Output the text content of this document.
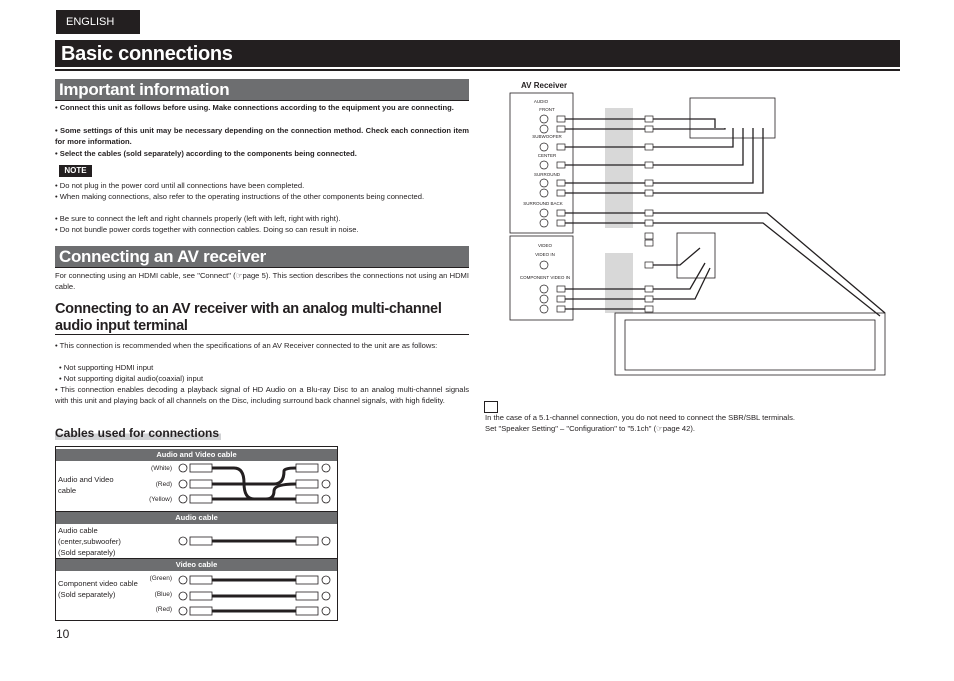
ENGLISH
Basic connections
Important information
• Connect this unit as follows before using. Make connections according to the equipment you are connecting.
• Some settings of this unit may be necessary depending on the connection method. Check each connection item for more information.
• Select the cables (sold separately) according to the components being connected.
NOTE
• Do not plug in the power cord until all connections have been completed.
• When making connections, also refer to the operating instructions of the other components being connected.
• Be sure to connect the left and right channels properly (left with left, right with right).
• Do not bundle power cords together with connection cables. Doing so can result in noise.
Connecting an AV receiver
For connecting using an HDMI cable, see "Connect" (☞page 5). This section describes the connections not using an HDMI cable.
Connecting to an AV receiver with an analog multi-channel audio input terminal
• This connection is recommended when the specifications of an AV Receiver connected to the unit are as follows:
• Not supporting HDMI input
• Not supporting digital audio(coaxial) input
• This connection enables decoding a playback signal of HD Audio on a Blu-ray Disc to an analog multi-channel signals with this unit and playing back of all channels on the Disc, including surround back channel signals, with high fidelity.
Cables used for connections
Audio and Video cable
Audio and Video cable
(White)
(Red)
(Yellow)
Audio cable
Audio cable (center,subwoofer) (Sold separately)
Video cable
Component video cable (Sold separately)
(Green)
(Blue)
(Red)
10
AV Receiver
AUDIO
FRONT
SUBWOOFER
CENTER
SURROUND
SURROUND BACK
VIDEO
VIDEO IN
COMPONENT VIDEO IN
In the case of a 5.1-channel connection, you do not need to connect the SBR/SBL terminals.
Set "Speaker Setting" – "Configuration" to "5.1ch" (☞page 42).
